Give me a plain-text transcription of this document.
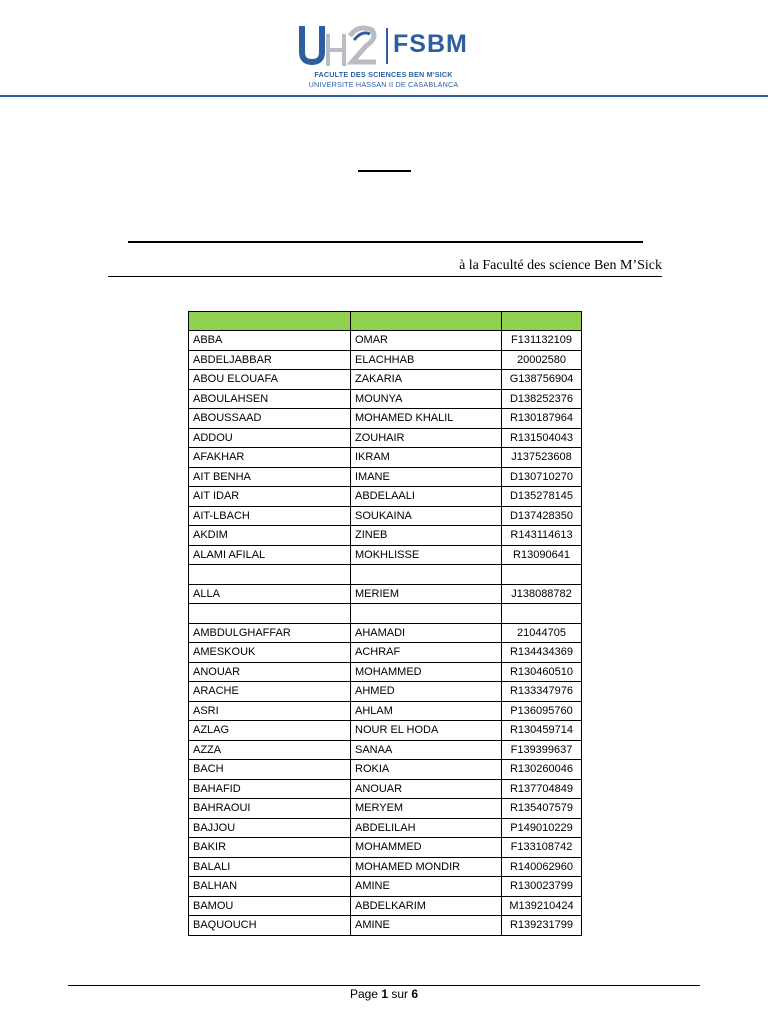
FSBM
FACULTE DES SCIENCES BEN M'SICK
UNIVERSITE HASSAN II DE CASABLANCA
à la Faculté des science Ben M’Sick

ABBA	OMAR	F131132109
ABDELJABBAR	ELACHHAB	20002580
ABOU ELOUAFA	ZAKARIA	G138756904
ABOULAHSEN	MOUNYA	D138252376
ABOUSSAAD	MOHAMED KHALIL	R130187964
ADDOU	ZOUHAIR	R131504043
AFAKHAR	IKRAM	J137523608
AIT BENHA	IMANE	D130710270
AIT IDAR	ABDELAALI	D135278145
AIT-LBACH	SOUKAINA	D137428350
AKDIM	ZINEB	R143114613
ALAMI AFILAL	MOKHLISSE	R13090641

ALLA	MERIEM	J138088782

AMBDULGHAFFAR	AHAMADI	21044705
AMESKOUK	ACHRAF	R134434369
ANOUAR	MOHAMMED	R130460510
ARACHE	AHMED	R133347976
ASRI	AHLAM	P136095760
AZLAG	NOUR EL HODA	R130459714
AZZA	SANAA	F139399637
BACH	ROKIA	R130260046
BAHAFID	ANOUAR	R137704849
BAHRAOUI	MERYEM	R135407579
BAJJOU	ABDELILAH	P149010229
BAKIR	MOHAMMED	F133108742
BALALI	MOHAMED MONDIR	R140062960
BALHAN	AMINE	R130023799
BAMOU	ABDELKARIM	M139210424
BAQUOUCH	AMINE	R139231799
Page 1 sur 6
